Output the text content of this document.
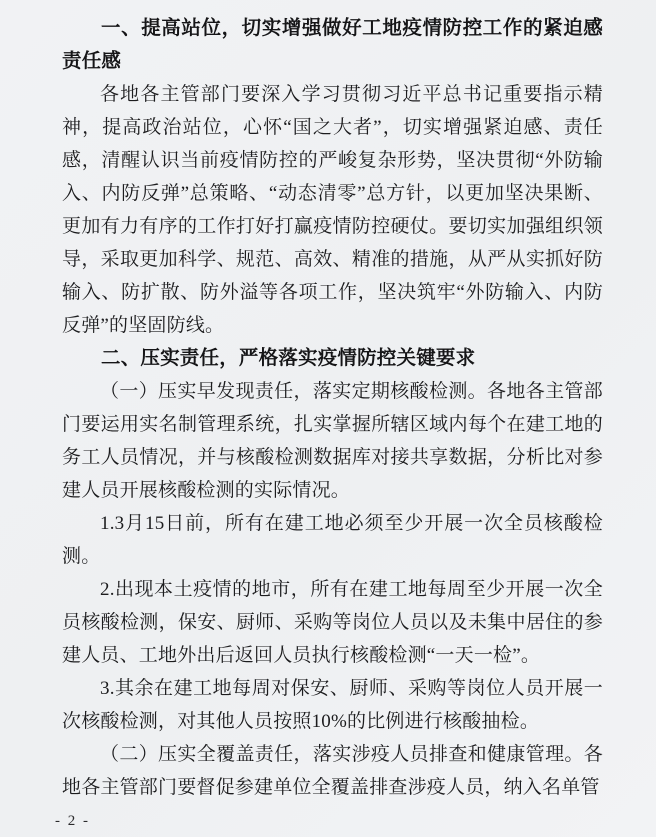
一、提高站位，切实增强做好工地疫情防控工作的紧迫感责任感

各地各主管部门要深入学习贯彻习近平总书记重要指示精神，提高政治站位，心怀“国之大者”，切实增强紧迫感、责任感，清醒认识当前疫情防控的严峻复杂形势，坚决贯彻“外防输入、内防反弹”总策略、“动态清零”总方针，以更加坚决果断、更加有力有序的工作打好打赢疫情防控硬仗。要切实加强组织领导，采取更加科学、规范、高效、精准的措施，从严从实抓好防输入、防扩散、防外溢等各项工作，坚决筑牢“外防输入、内防反弹”的坚固防线。

二、压实责任，严格落实疫情防控关键要求

（一）压实早发现责任，落实定期核酸检测。各地各主管部门要运用实名制管理系统，扎实掌握所辖区域内每个在建工地的务工人员情况，并与核酸检测数据库对接共享数据，分析比对参建人员开展核酸检测的实际情况。

1.3月15日前，所有在建工地必须至少开展一次全员核酸检测。

2.出现本土疫情的地市，所有在建工地每周至少开展一次全员核酸检测，保安、厨师、采购等岗位人员以及未集中居住的参建人员、工地外出后返回人员执行核酸检测“一天一检”。

3.其余在建工地每周对保安、厨师、采购等岗位人员开展一次核酸检测，对其他人员按照10%的比例进行核酸抽检。

（二）压实全覆盖责任，落实涉疫人员排查和健康管理。各地各主管部门要督促参建单位全覆盖排查涉疫人员，纳入名单管

- 2 -
